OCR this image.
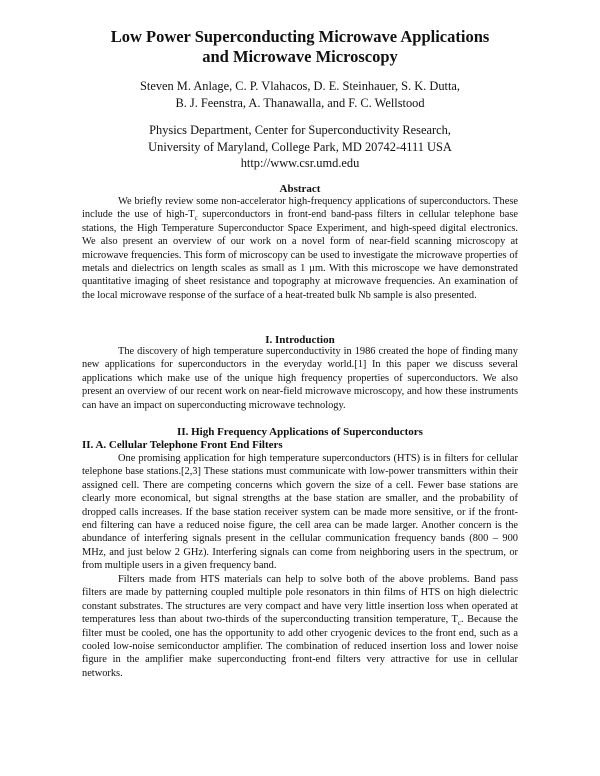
Low Power Superconducting Microwave Applications
and Microwave Microscopy
Steven M. Anlage, C. P. Vlahacos, D. E. Steinhauer, S. K. Dutta,
B. J. Feenstra, A. Thanawalla, and F. C. Wellstood
Physics Department, Center for Superconductivity Research,
University of Maryland, College Park, MD 20742-4111 USA
http://www.csr.umd.edu
Abstract
We briefly review some non-accelerator high-frequency applications of superconductors. These include the use of high-$T_c$ superconductors in front-end band-pass filters in cellular telephone base stations, the High Temperature Superconductor Space Experiment, and high-speed digital electronics. We also present an overview of our work on a novel form of near-field scanning microscopy at microwave frequencies. This form of microscopy can be used to investigate the microwave properties of metals and dielectrics on length scales as small as 1 µm. With this microscope we have demonstrated quantitative imaging of sheet resistance and topography at microwave frequencies. An examination of the local microwave response of the surface of a heat-treated bulk Nb sample is also presented.
I. Introduction
The discovery of high temperature superconductivity in 1986 created the hope of finding many new applications for superconductors in the everyday world.[1] In this paper we discuss several applications which make use of the unique high frequency properties of superconductors. We also present an overview of our recent work on near-field microwave microscopy, and how these instruments can have an impact on superconducting microwave technology.
II. High Frequency Applications of Superconductors
II. A. Cellular Telephone Front End Filters
One promising application for high temperature superconductors (HTS) is in filters for cellular telephone base stations.[2,3] These stations must communicate with low-power transmitters within their assigned cell. There are competing concerns which govern the size of a cell. Fewer base stations are clearly more economical, but signal strengths at the base station are smaller, and the probability of dropped calls increases. If the base station receiver system can be made more sensitive, or if the front-end filtering can have a reduced noise figure, the cell area can be made larger. Another concern is the abundance of interfering signals present in the cellular communication frequency bands (800 – 900 MHz, and just below 2 GHz). Interfering signals can come from neighboring users in the spectrum, or from multiple users in a given frequency band.
Filters made from HTS materials can help to solve both of the above problems. Band pass filters are made by patterning coupled multiple pole resonators in thin films of HTS on high dielectric constant substrates. The structures are very compact and have very little insertion loss when operated at temperatures less than about two-thirds of the superconducting transition temperature, $T_c$. Because the filter must be cooled, one has the opportunity to add other cryogenic devices to the front end, such as a cooled low-noise semiconductor amplifier. The combination of reduced insertion loss and lower noise figure in the amplifier make superconducting front-end filters very attractive for use in cellular networks.
